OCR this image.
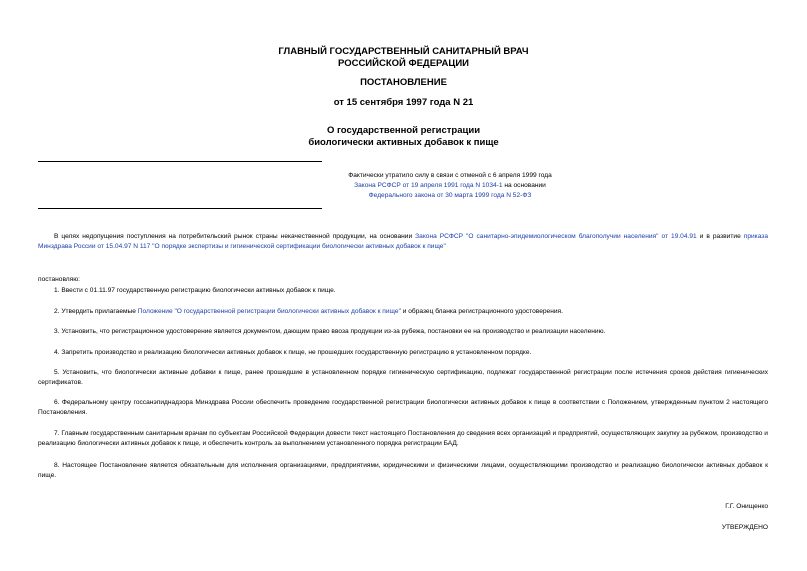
ГЛАВНЫЙ ГОСУДАРСТВЕННЫЙ САНИТАРНЫЙ ВРАЧ
РОССИЙСКОЙ ФЕДЕРАЦИИ
ПОСТАНОВЛЕНИЕ
от 15 сентября 1997 года N 21
О государственной регистрации
биологически активных добавок к пище
Фактически утратило силу в связи с отменой с 6 апреля 1999 года
Закона РСФСР от 19 апреля 1991 года N 1034-1 на основании
Федерального закона от 30 марта 1999 года N 52-ФЗ
В целях недопущения поступления на потребительский рынок страны некачественной продукции, на основании Закона РСФСР "О санитарно-эпидемиологическом благополучии населения" от 19.04.91 и в развитие приказа Минздрава России от 15.04.97 N 117 "О порядке экспертизы и гигиенической сертификации биологически активных добавок к пище"
постановляю:
1. Ввести с 01.11.97 государственную регистрацию биологически активных добавок к пище.
2. Утвердить прилагаемые Положение "О государственной регистрации биологически активных добавок к пище" и образец бланка регистрационного удостоверения.
3. Установить, что регистрационное удостоверение является документом, дающим право ввоза продукции из-за рубежа, постановки ее на производство и реализации населению.
4. Запретить производство и реализацию биологически активных добавок к пище, не прошедших государственную регистрацию в установленном порядке.
5. Установить, что биологически активные добавки к пище, ранее прошедшие в установленном порядке гигиеническую сертификацию, подлежат государственной регистрации после истечения сроков действия гигиенических сертификатов.
6. Федеральному центру госсанэпиднадзора Минздрава России обеспечить проведение государственной регистрации биологически активных добавок к пище в соответствии с Положением, утвержденным пунктом 2 настоящего Постановления.
7. Главным государственным санитарным врачам по субъектам Российской Федерации довести текст настоящего Постановления до сведения всех организаций и предприятий, осуществляющих закупку за рубежом, производство и реализацию биологически активных добавок к пище, и обеспечить контроль за выполнением установленного порядка регистрации БАД.
8. Настоящее Постановление является обязательным для исполнения организациями, предприятиями, юридическими и физическими лицами, осуществляющими производство и реализацию биологически активных добавок к пище.
Г.Г. Онищенко
УТВЕРЖДЕНО
